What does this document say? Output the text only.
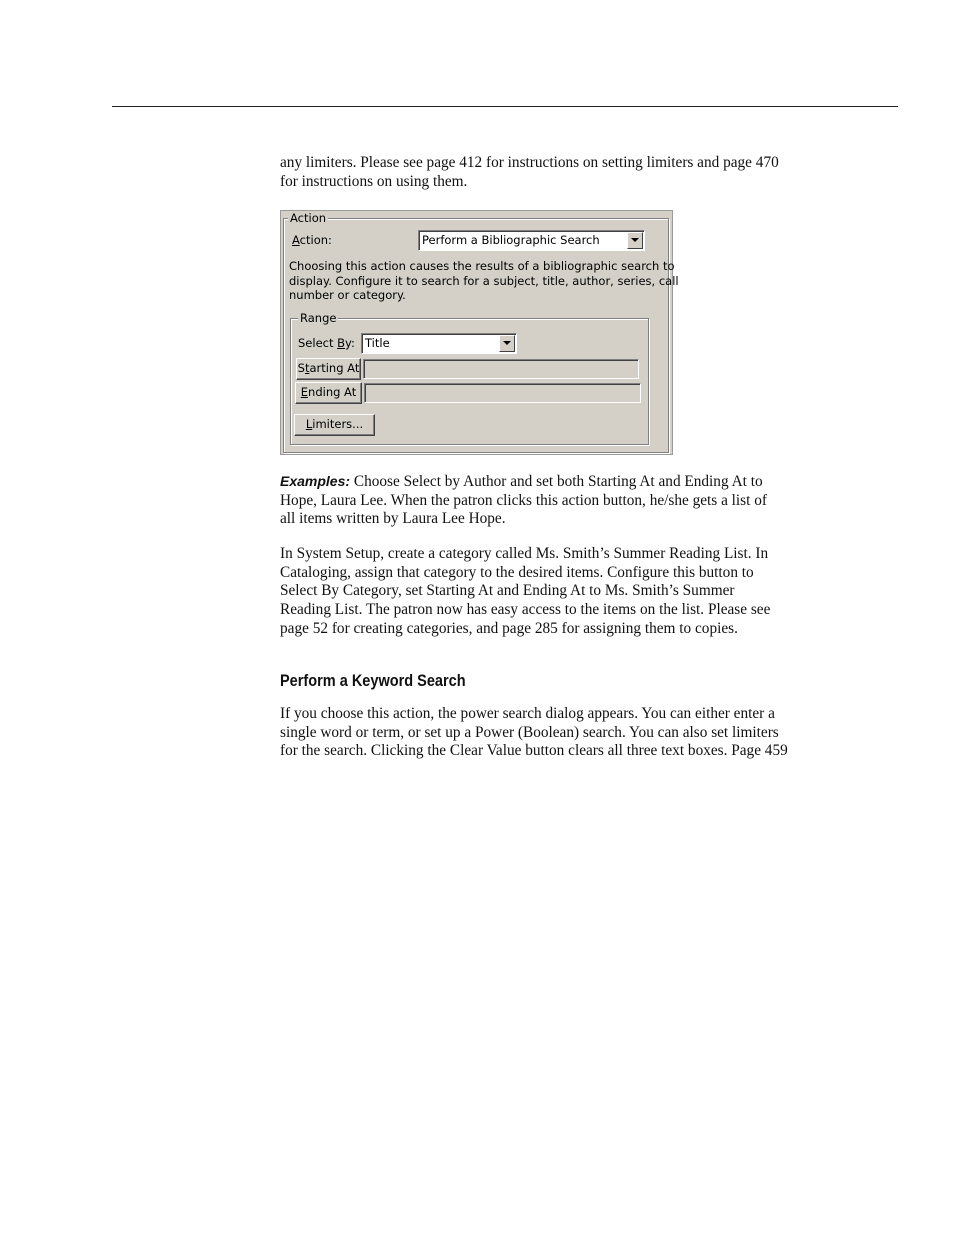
any limiters. Please see page 412 for instructions on setting limiters and page 470
for instructions on using them.

Action
Action:	Perform a Bibliographic Search
Choosing this action causes the results of a bibliographic search to
display. Configure it to search for a subject, title, author, series, call
number or category.
Range
Select By: Title
Starting At
Ending At
Limiters...

Examples: Choose Select by Author and set both Starting At and Ending At to
Hope, Laura Lee. When the patron clicks this action button, he/she gets a list of
all items written by Laura Lee Hope.

In System Setup, create a category called Ms. Smith’s Summer Reading List. In
Cataloging, assign that category to the desired items. Configure this button to
Select By Category, set Starting At and Ending At to Ms. Smith’s Summer
Reading List. The patron now has easy access to the items on the list. Please see
page 52 for creating categories, and page 285 for assigning them to copies.

Perform a Keyword Search

If you choose this action, the power search dialog appears. You can either enter a
single word or term, or set up a Power (Boolean) search. You can also set limiters
for the search. Clicking the Clear Value button clears all three text boxes. Page 459
